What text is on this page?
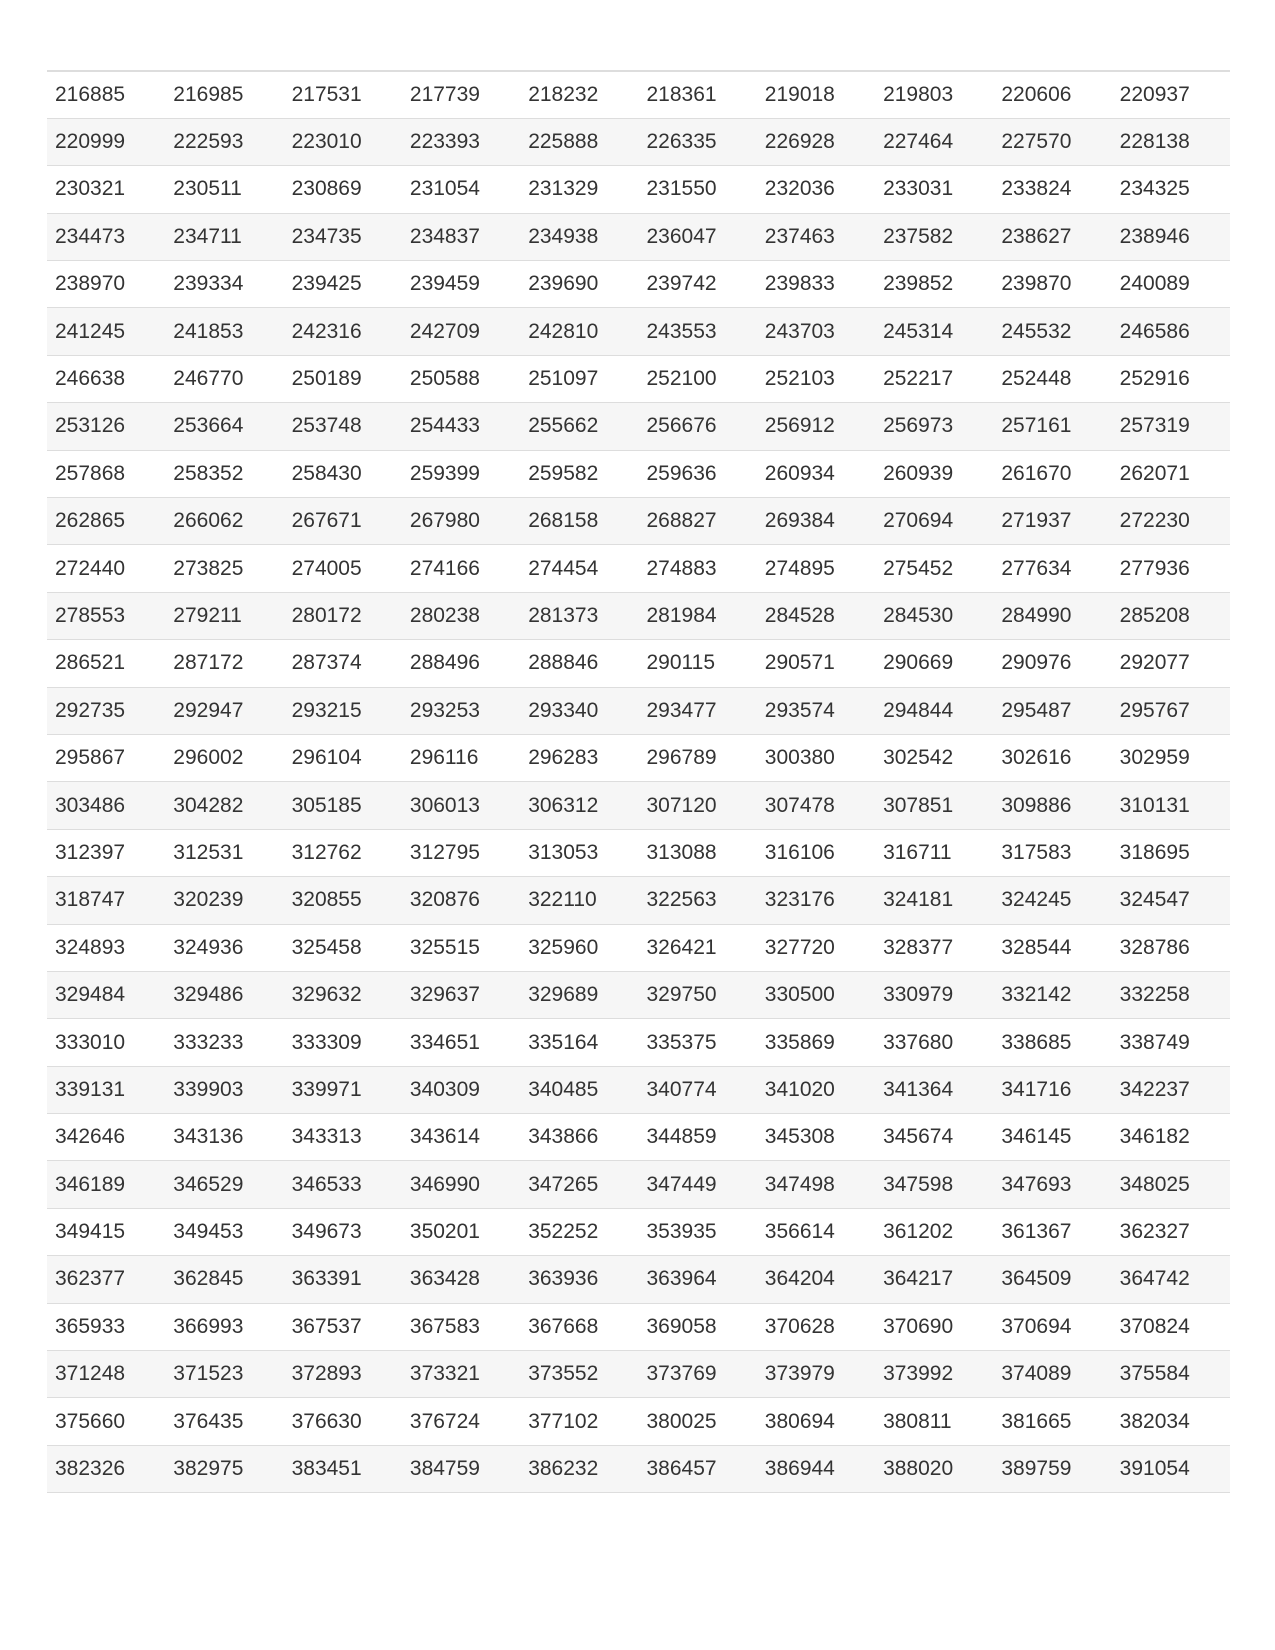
216885	216985	217531	217739	218232	218361	219018	219803	220606	220937
220999	222593	223010	223393	225888	226335	226928	227464	227570	228138
230321	230511	230869	231054	231329	231550	232036	233031	233824	234325
234473	234711	234735	234837	234938	236047	237463	237582	238627	238946
238970	239334	239425	239459	239690	239742	239833	239852	239870	240089
241245	241853	242316	242709	242810	243553	243703	245314	245532	246586
246638	246770	250189	250588	251097	252100	252103	252217	252448	252916
253126	253664	253748	254433	255662	256676	256912	256973	257161	257319
257868	258352	258430	259399	259582	259636	260934	260939	261670	262071
262865	266062	267671	267980	268158	268827	269384	270694	271937	272230
272440	273825	274005	274166	274454	274883	274895	275452	277634	277936
278553	279211	280172	280238	281373	281984	284528	284530	284990	285208
286521	287172	287374	288496	288846	290115	290571	290669	290976	292077
292735	292947	293215	293253	293340	293477	293574	294844	295487	295767
295867	296002	296104	296116	296283	296789	300380	302542	302616	302959
303486	304282	305185	306013	306312	307120	307478	307851	309886	310131
312397	312531	312762	312795	313053	313088	316106	316711	317583	318695
318747	320239	320855	320876	322110	322563	323176	324181	324245	324547
324893	324936	325458	325515	325960	326421	327720	328377	328544	328786
329484	329486	329632	329637	329689	329750	330500	330979	332142	332258
333010	333233	333309	334651	335164	335375	335869	337680	338685	338749
339131	339903	339971	340309	340485	340774	341020	341364	341716	342237
342646	343136	343313	343614	343866	344859	345308	345674	346145	346182
346189	346529	346533	346990	347265	347449	347498	347598	347693	348025
349415	349453	349673	350201	352252	353935	356614	361202	361367	362327
362377	362845	363391	363428	363936	363964	364204	364217	364509	364742
365933	366993	367537	367583	367668	369058	370628	370690	370694	370824
371248	371523	372893	373321	373552	373769	373979	373992	374089	375584
375660	376435	376630	376724	377102	380025	380694	380811	381665	382034
382326	382975	383451	384759	386232	386457	386944	388020	389759	391054
